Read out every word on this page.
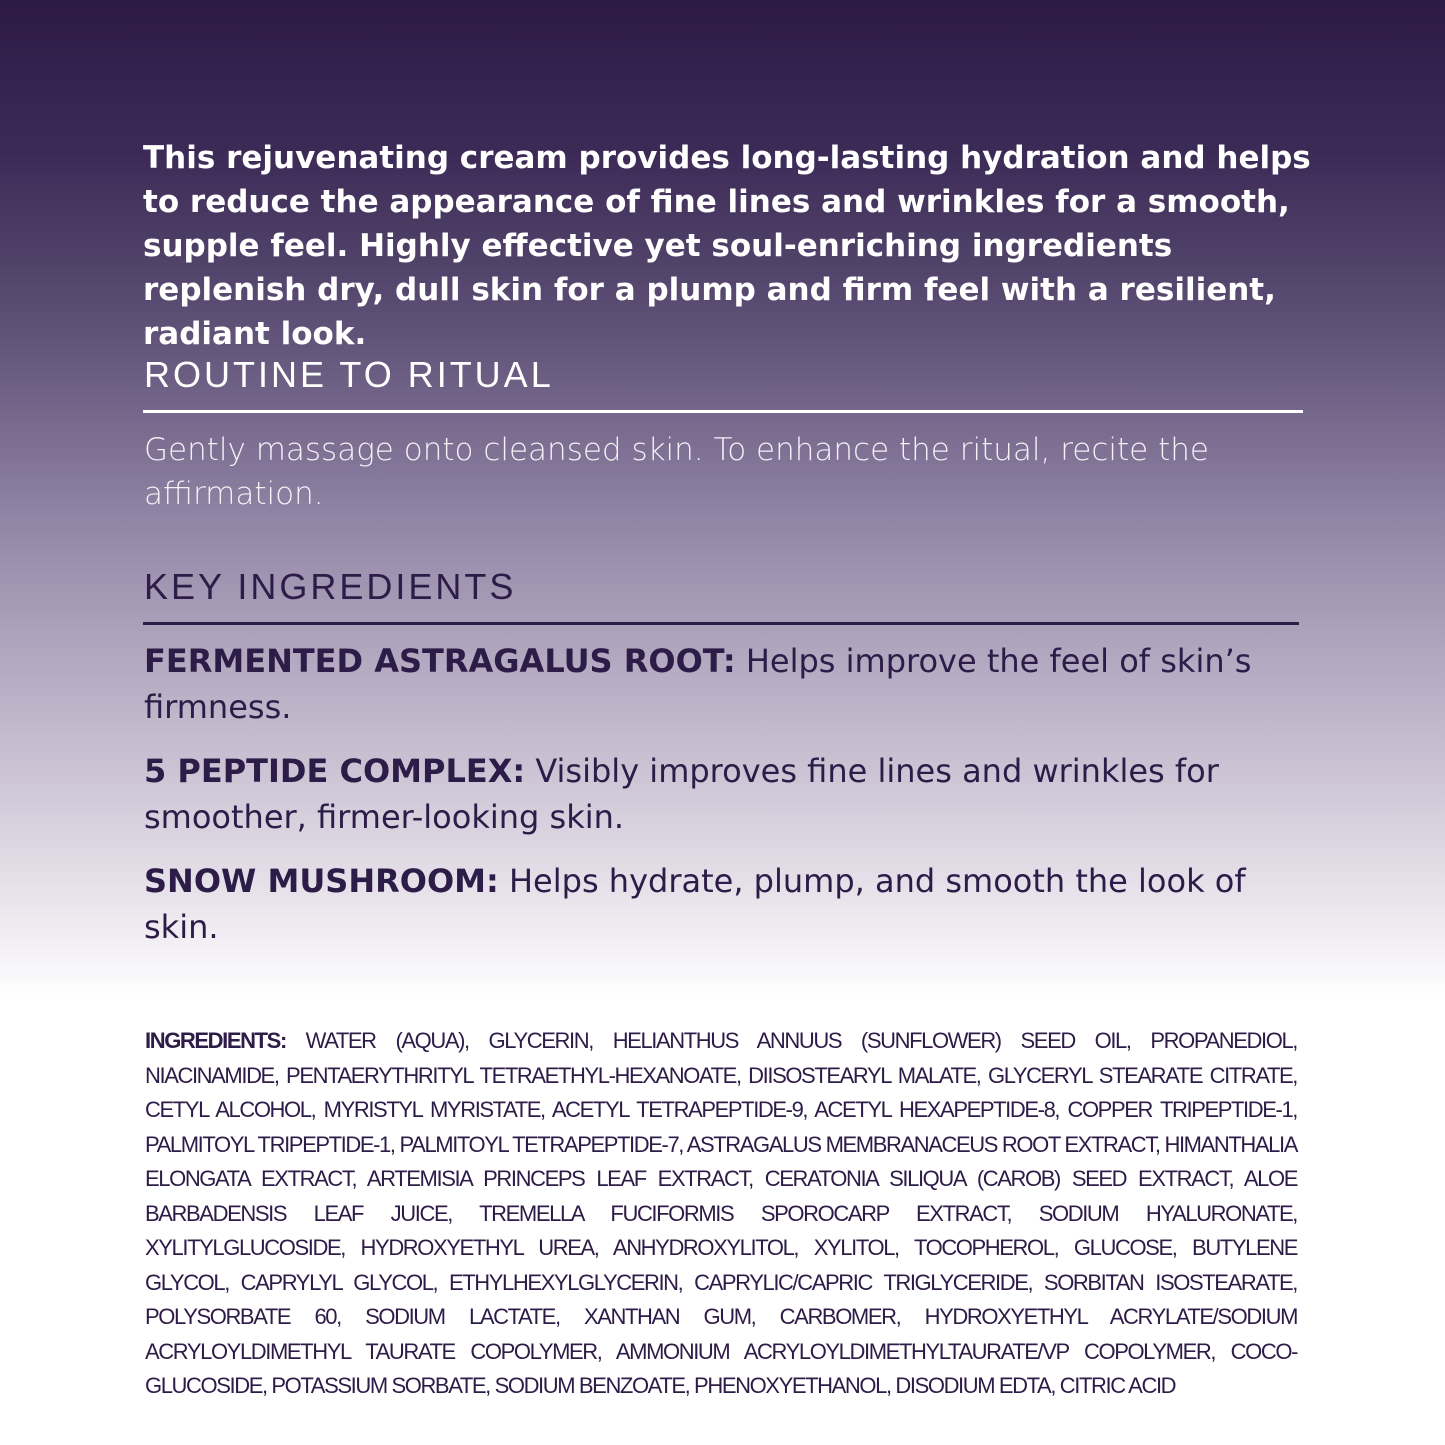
This rejuvenating cream provides long-lasting hydration and helps to reduce the appearance of fine lines and wrinkles for a smooth, supple feel. Highly effective yet soul-enriching ingredients replenish dry, dull skin for a plump and firm feel with a resilient, radiant look.

ROUTINE TO RITUAL

Gently massage onto cleansed skin. To enhance the ritual, recite the affirmation.

KEY INGREDIENTS

FERMENTED ASTRAGALUS ROOT: Helps improve the feel of skin’s firmness.

5 PEPTIDE COMPLEX: Visibly improves fine lines and wrinkles for smoother, firmer-looking skin.

SNOW MUSHROOM: Helps hydrate, plump, and smooth the look of skin.

INGREDIENTS: WATER (AQUA), GLYCERIN, HELIANTHUS ANNUUS (SUNFLOWER) SEED OIL, PROPANEDIOL, NIACINAMIDE, PENTAERYTHRITYL TETRAETHYL-HEXANOATE, DIISOSTEARYL MALATE, GLYCERYL STEARATE CITRATE, CETYL ALCOHOL, MYRISTYL MYRISTATE, ACETYL TETRAPEPTIDE-9, ACETYL HEXAPEPTIDE-8, COPPER TRIPEPTIDE-1, PALMITOYL TRIPEPTIDE-1, PALMITOYL TETRAPEPTIDE-7, ASTRAGALUS MEMBRANACEUS ROOT EXTRACT, HIMANTHALIA ELONGATA EXTRACT, ARTEMISIA PRINCEPS LEAF EXTRACT, CERATONIA SILIQUA (CAROB) SEED EXTRACT, ALOE BARBADENSIS LEAF JUICE, TREMELLA FUCIFORMIS SPOROCARP EXTRACT, SODIUM HYALURONATE, XYLITYLGLUCOSIDE, HYDROXYETHYL UREA, ANHYDROXYLITOL, XYLITOL, TOCOPHEROL, GLUCOSE, BUTYLENE GLYCOL, CAPRYLYL GLYCOL, ETHYLHEXYLGLYCERIN, CAPRYLIC/CAPRIC TRIGLYCERIDE, SORBITAN ISOSTEARATE, POLYSORBATE 60, SODIUM LACTATE, XANTHAN GUM, CARBOMER, HYDROXYETHYL ACRYLATE/SODIUM ACRYLOYLDIMETHYL TAURATE COPOLYMER, AMMONIUM ACRYLOYLDIMETHYLTAURATE/VP COPOLYMER, COCO-GLUCOSIDE, POTASSIUM SORBATE, SODIUM BENZOATE, PHENOXYETHANOL, DISODIUM EDTA, CITRIC ACID
